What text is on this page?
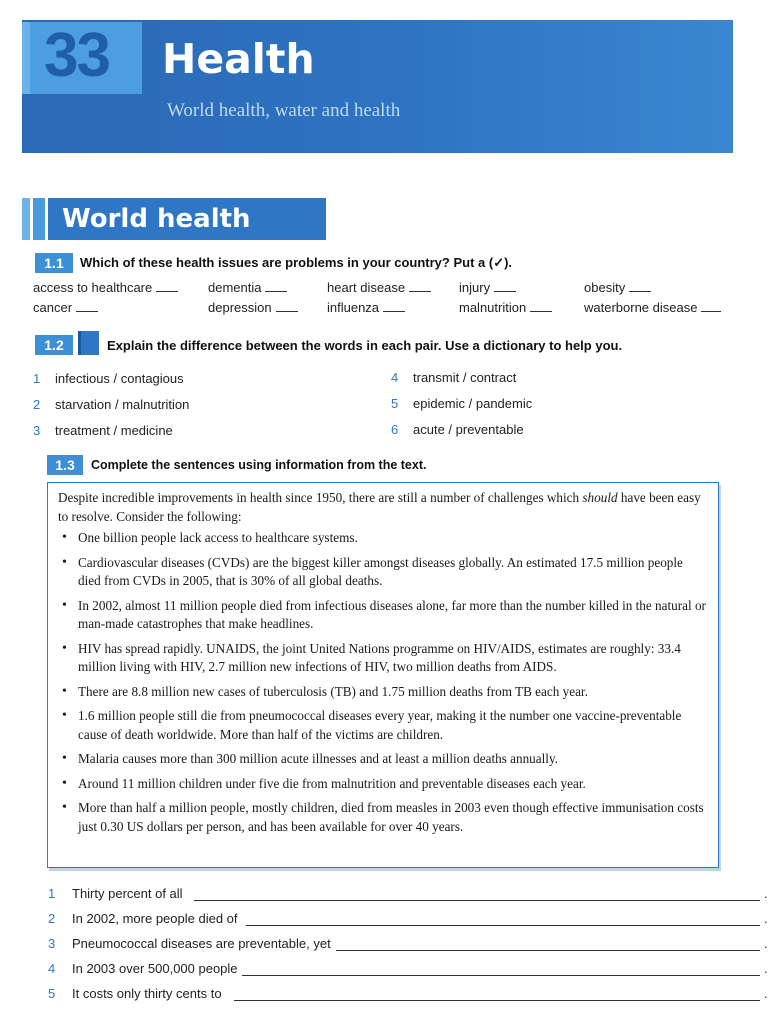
33 Health
World health, water and health
World health
1.1	Which of these health issues are problems in your country? Put a (✓).
access to healthcare	dementia	heart disease	injury	obesity
cancer	depression	influenza	malnutrition	waterborne disease
1.2	Explain the difference between the words in each pair. Use a dictionary to help you.
1 infectious / contagious
2 starvation / malnutrition
3 treatment / medicine
4 transmit / contract
5 epidemic / pandemic
6 acute / preventable
1.3	Complete the sentences using information from the text.
Despite incredible improvements in health since 1950, there are still a number of challenges which should have been easy to resolve. Consider the following:
• One billion people lack access to healthcare systems.
• Cardiovascular diseases (CVDs) are the biggest killer amongst diseases globally. An estimated 17.5 million people died from CVDs in 2005, that is 30% of all global deaths.
• In 2002, almost 11 million people died from infectious diseases alone, far more than the number killed in the natural or man-made catastrophes that make headlines.
• HIV has spread rapidly. UNAIDS, the joint United Nations programme on HIV/AIDS, estimates are roughly: 33.4 million living with HIV, 2.7 million new infections of HIV, two million deaths from AIDS.
• There are 8.8 million new cases of tuberculosis (TB) and 1.75 million deaths from TB each year.
• 1.6 million people still die from pneumococcal diseases every year, making it the number one vaccine-preventable cause of death worldwide. More than half of the victims are children.
• Malaria causes more than 300 million acute illnesses and at least a million deaths annually.
• Around 11 million children under five die from malnutrition and preventable diseases each year.
• More than half a million people, mostly children, died from measles in 2003 even though effective immunisation costs just 0.30 US dollars per person, and has been available for over 40 years.
1 Thirty percent of all	.
2 In 2002, more people died of	.
3 Pneumococcal diseases are preventable, yet	.
4 In 2003 over 500,000 people	.
5 It costs only thirty cents to	.
